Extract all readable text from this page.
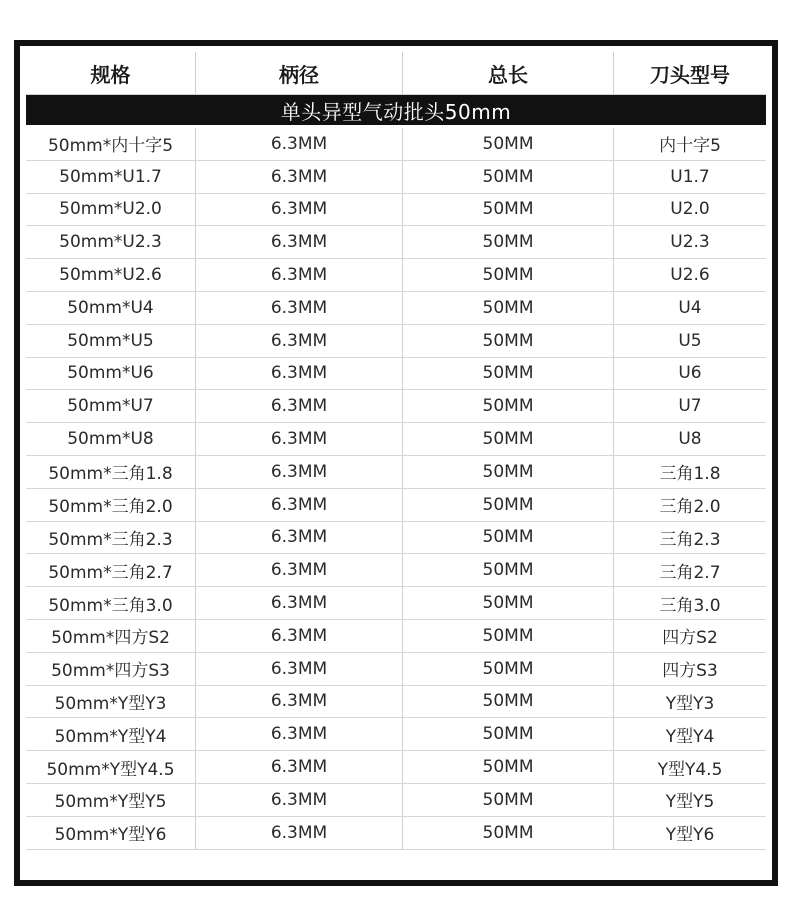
规格	柄径	总长	刀头型号
单头异型气动批头50mm
50mm*内十字5	6.3MM	50MM	内十字5
50mm*U1.7	6.3MM	50MM	U1.7
50mm*U2.0	6.3MM	50MM	U2.0
50mm*U2.3	6.3MM	50MM	U2.3
50mm*U2.6	6.3MM	50MM	U2.6
50mm*U4	6.3MM	50MM	U4
50mm*U5	6.3MM	50MM	U5
50mm*U6	6.3MM	50MM	U6
50mm*U7	6.3MM	50MM	U7
50mm*U8	6.3MM	50MM	U8
50mm*三角1.8	6.3MM	50MM	三角1.8
50mm*三角2.0	6.3MM	50MM	三角2.0
50mm*三角2.3	6.3MM	50MM	三角2.3
50mm*三角2.7	6.3MM	50MM	三角2.7
50mm*三角3.0	6.3MM	50MM	三角3.0
50mm*四方S2	6.3MM	50MM	四方S2
50mm*四方S3	6.3MM	50MM	四方S3
50mm*Y型Y3	6.3MM	50MM	Y型Y3
50mm*Y型Y4	6.3MM	50MM	Y型Y4
50mm*Y型Y4.5	6.3MM	50MM	Y型Y4.5
50mm*Y型Y5	6.3MM	50MM	Y型Y5
50mm*Y型Y6	6.3MM	50MM	Y型Y6
